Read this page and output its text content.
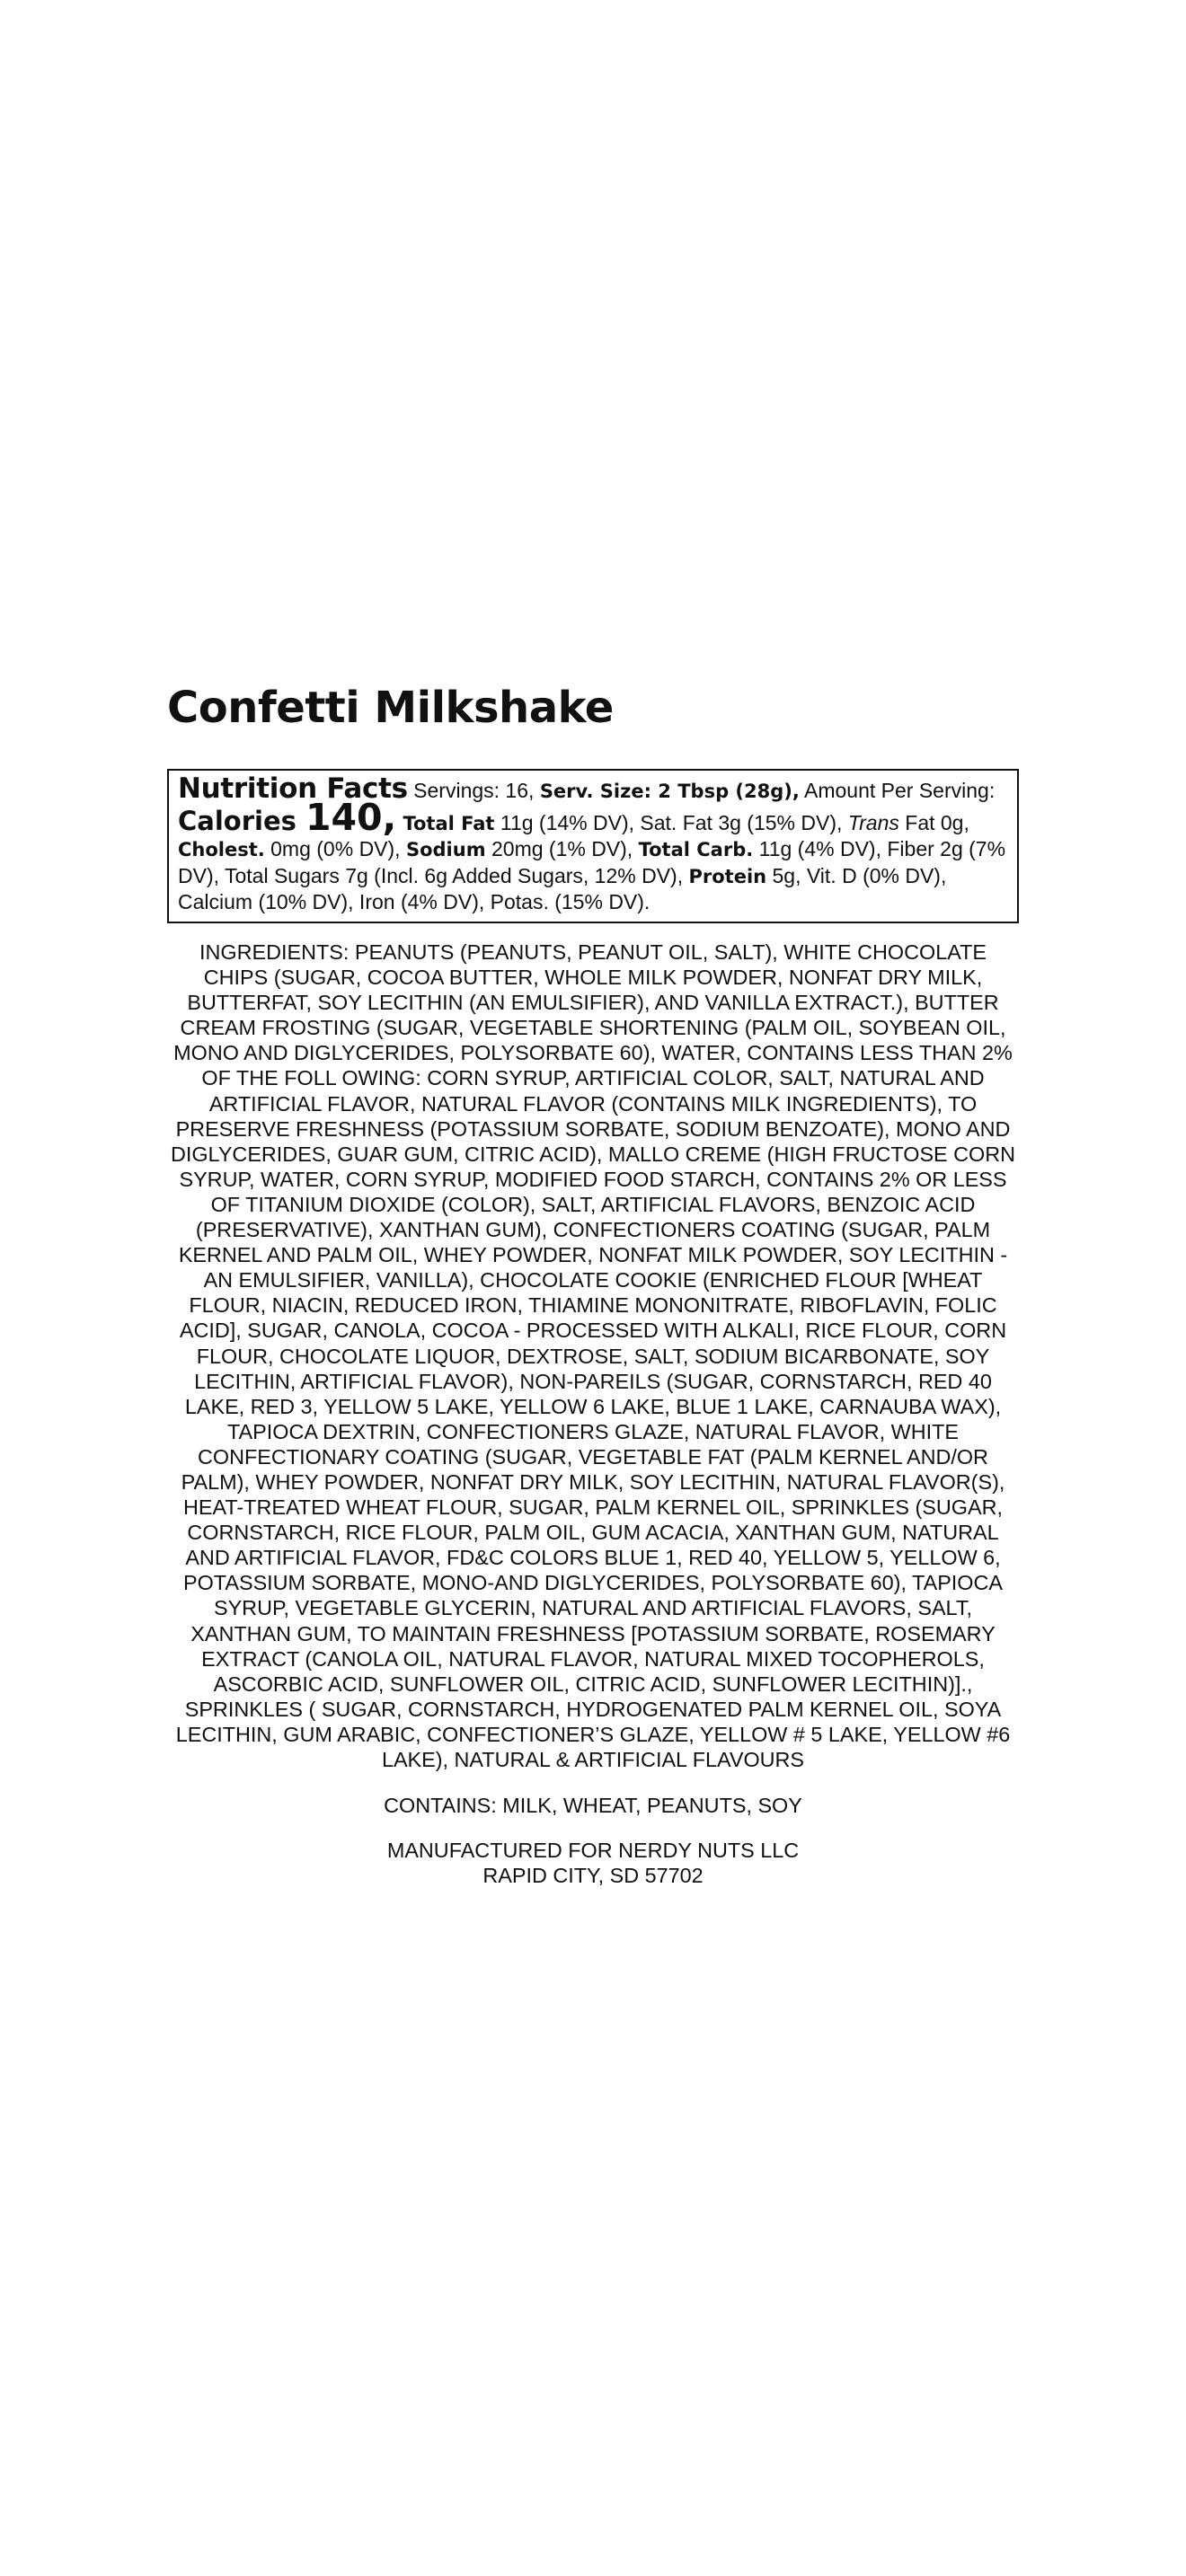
Confetti Milkshake
Nutrition Facts Servings: 16, Serv. Size: 2 Tbsp (28g), Amount Per Serving: Calories 140, Total Fat 11g (14% DV), Sat. Fat 3g (15% DV), Trans Fat 0g, Cholest. 0mg (0% DV), Sodium 20mg (1% DV), Total Carb. 11g (4% DV), Fiber 2g (7% DV), Total Sugars 7g (Incl. 6g Added Sugars, 12% DV), Protein 5g, Vit. D (0% DV), Calcium (10% DV), Iron (4% DV), Potas. (15% DV).

INGREDIENTS: PEANUTS (PEANUTS, PEANUT OIL, SALT), WHITE CHOCOLATE CHIPS (SUGAR, COCOA BUTTER, WHOLE MILK POWDER, NONFAT DRY MILK, BUTTERFAT, SOY LECITHIN (AN EMULSIFIER), AND VANILLA EXTRACT.), BUTTER CREAM FROSTING (SUGAR, VEGETABLE SHORTENING (PALM OIL, SOYBEAN OIL, MONO AND DIGLYCERIDES, POLYSORBATE 60), WATER, CONTAINS LESS THAN 2% OF THE FOLL OWING: CORN SYRUP, ARTIFICIAL COLOR, SALT, NATURAL AND ARTIFICIAL FLAVOR, NATURAL FLAVOR (CONTAINS MILK INGREDIENTS), TO PRESERVE FRESHNESS (POTASSIUM SORBATE, SODIUM BENZOATE), MONO AND DIGLYCERIDES, GUAR GUM, CITRIC ACID), MALLO CREME (HIGH FRUCTOSE CORN SYRUP, WATER, CORN SYRUP, MODIFIED FOOD STARCH, CONTAINS 2% OR LESS OF TITANIUM DIOXIDE (COLOR), SALT, ARTIFICIAL FLAVORS, BENZOIC ACID (PRESERVATIVE), XANTHAN GUM), CONFECTIONERS COATING (SUGAR, PALM KERNEL AND PALM OIL, WHEY POWDER, NONFAT MILK POWDER, SOY LECITHIN - AN EMULSIFIER, VANILLA), CHOCOLATE COOKIE (ENRICHED FLOUR [WHEAT FLOUR, NIACIN, REDUCED IRON, THIAMINE MONONITRATE, RIBOFLAVIN, FOLIC ACID], SUGAR, CANOLA, COCOA - PROCESSED WITH ALKALI, RICE FLOUR, CORN FLOUR, CHOCOLATE LIQUOR, DEXTROSE, SALT, SODIUM BICARBONATE, SOY LECITHIN, ARTIFICIAL FLAVOR), NON-PAREILS (SUGAR, CORNSTARCH, RED 40 LAKE, RED 3, YELLOW 5 LAKE, YELLOW 6 LAKE, BLUE 1 LAKE, CARNAUBA WAX), TAPIOCA DEXTRIN, CONFECTIONERS GLAZE, NATURAL FLAVOR, WHITE CONFECTIONARY COATING (SUGAR, VEGETABLE FAT (PALM KERNEL AND/OR PALM), WHEY POWDER, NONFAT DRY MILK, SOY LECITHIN, NATURAL FLAVOR(S), HEAT-TREATED WHEAT FLOUR, SUGAR, PALM KERNEL OIL, SPRINKLES (SUGAR, CORNSTARCH, RICE FLOUR, PALM OIL, GUM ACACIA, XANTHAN GUM, NATURAL AND ARTIFICIAL FLAVOR, FD&C COLORS BLUE 1, RED 40, YELLOW 5, YELLOW 6, POTASSIUM SORBATE, MONO-AND DIGLYCERIDES, POLYSORBATE 60), TAPIOCA SYRUP, VEGETABLE GLYCERIN, NATURAL AND ARTIFICIAL FLAVORS, SALT, XANTHAN GUM, TO MAINTAIN FRESHNESS [POTASSIUM SORBATE, ROSEMARY EXTRACT (CANOLA OIL, NATURAL FLAVOR, NATURAL MIXED TOCOPHEROLS, ASCORBIC ACID, SUNFLOWER OIL, CITRIC ACID, SUNFLOWER LECITHIN)]., SPRINKLES ( SUGAR, CORNSTARCH, HYDROGENATED PALM KERNEL OIL, SOYA LECITHIN, GUM ARABIC, CONFECTIONER’S GLAZE, YELLOW # 5 LAKE, YELLOW #6 LAKE), NATURAL & ARTIFICIAL FLAVOURS

CONTAINS: MILK, WHEAT, PEANUTS, SOY

MANUFACTURED FOR NERDY NUTS LLC
RAPID CITY, SD 57702
